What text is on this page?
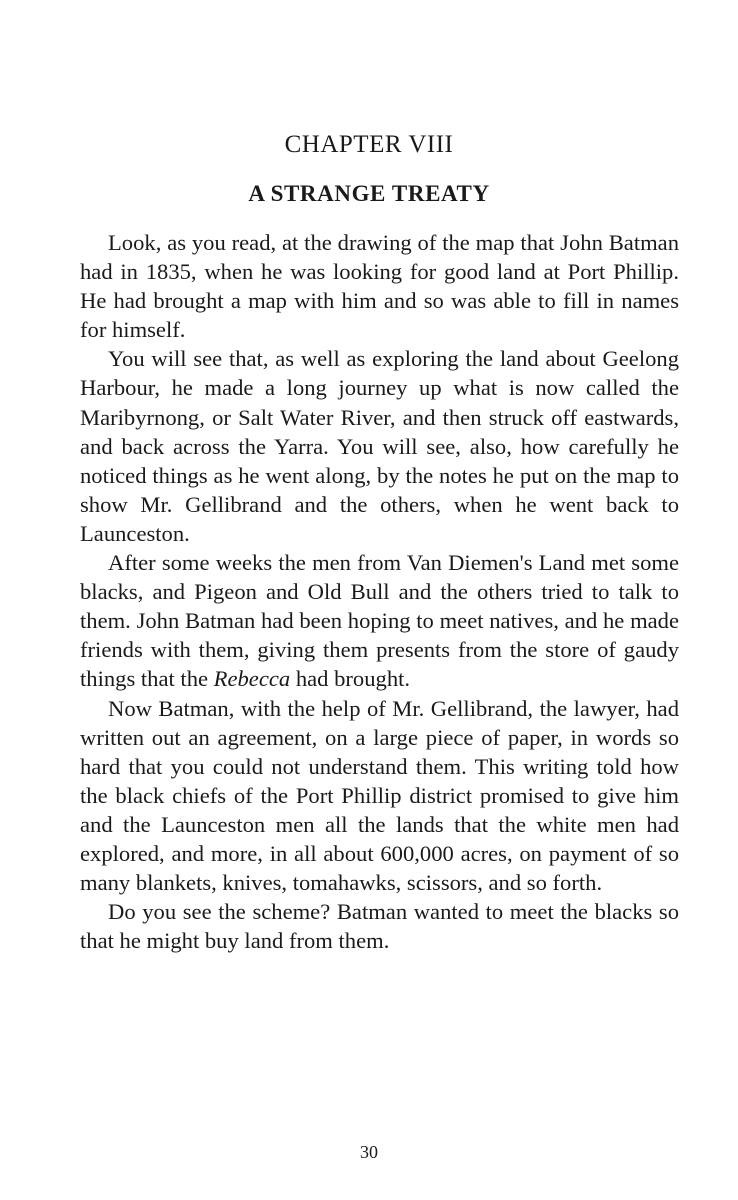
CHAPTER VIII
A STRANGE TREATY

Look, as you read, at the drawing of the map that John Batman had in 1835, when he was looking for good land at Port Phillip. He had brought a map with him and so was able to fill in names for himself.

You will see that, as well as exploring the land about Geelong Harbour, he made a long journey up what is now called the Maribyrnong, or Salt Water River, and then struck off eastwards, and back across the Yarra. You will see, also, how carefully he noticed things as he went along, by the notes he put on the map to show Mr. Gellibrand and the others, when he went back to Launceston.

After some weeks the men from Van Diemen's Land met some blacks, and Pigeon and Old Bull and the others tried to talk to them. John Batman had been hoping to meet natives, and he made friends with them, giving them presents from the store of gaudy things that the Rebecca had brought.

Now Batman, with the help of Mr. Gellibrand, the lawyer, had written out an agreement, on a large piece of paper, in words so hard that you could not understand them. This writing told how the black chiefs of the Port Phillip district promised to give him and the Launceston men all the lands that the white men had explored, and more, in all about 600,000 acres, on payment of so many blankets, knives, tomahawks, scissors, and so forth.

Do you see the scheme? Batman wanted to meet the blacks so that he might buy land from them.

30
